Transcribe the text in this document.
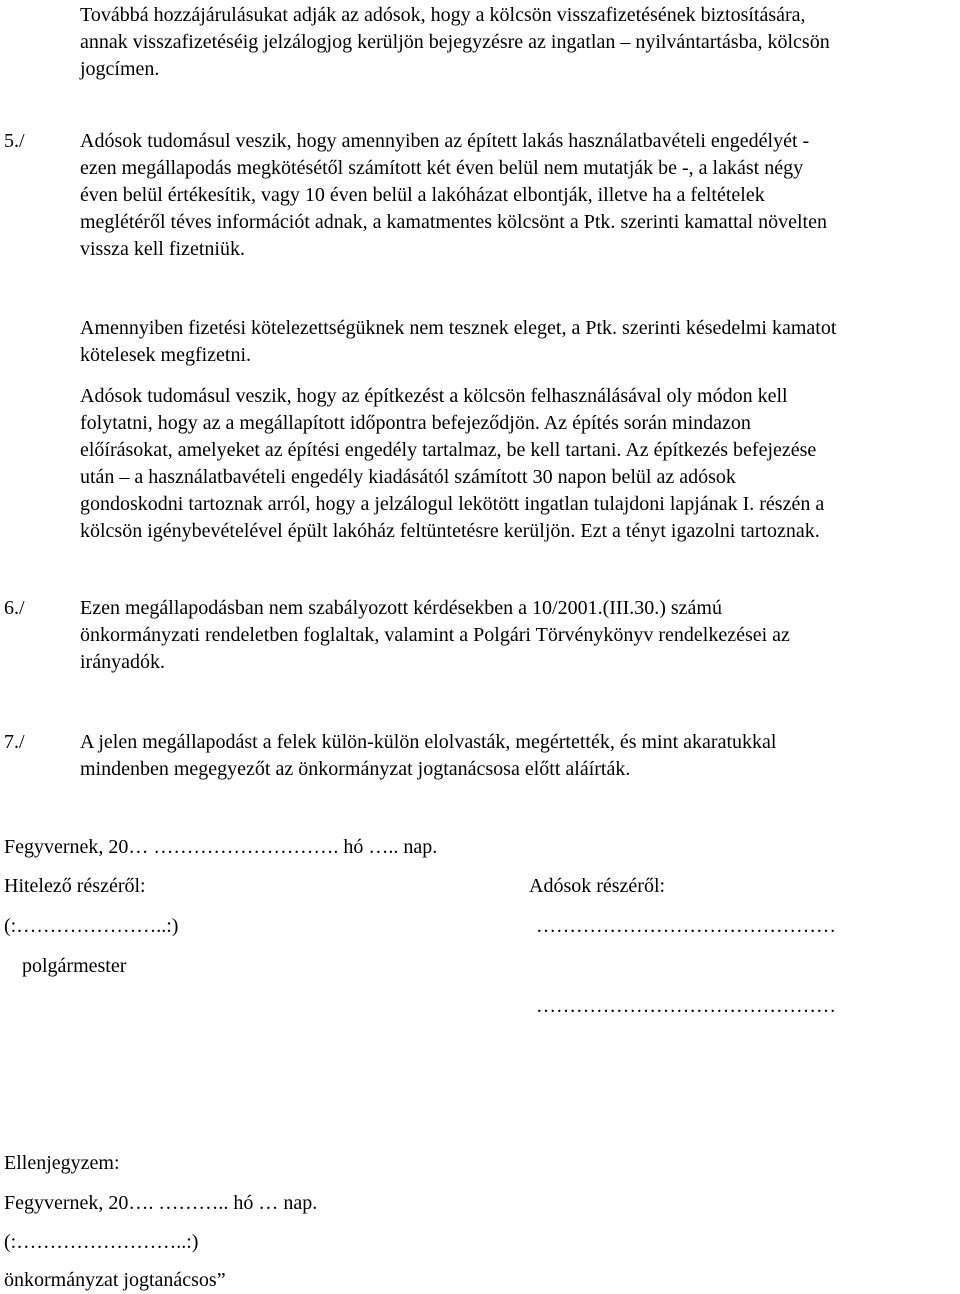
Továbbá hozzájárulásukat adják az adósok, hogy a kölcsön visszafizetésének biztosítására,

annak visszafizetéséig jelzálogjog kerüljön bejegyzésre az ingatlan – nyilvántartásba, kölcsön

jogcímen.

5./	Adósok tudomásul veszik, hogy amennyiben az épített lakás használatbavételi engedélyét -

ezen megállapodás megkötésétől számított két éven belül nem mutatják be -, a lakást négy

éven belül értékesítik, vagy 10 éven belül a lakóházat elbontják, illetve ha a feltételek

meglétéről téves információt adnak, a kamatmentes kölcsönt a Ptk. szerinti kamattal növelten

vissza kell fizetniük.

Amennyiben fizetési kötelezettségüknek nem tesznek eleget, a Ptk. szerinti késedelmi kamatot

kötelesek megfizetni.

Adósok tudomásul veszik, hogy az építkezést a kölcsön felhasználásával oly módon kell

folytatni, hogy az a megállapított időpontra befejeződjön. Az építés során mindazon

előírásokat, amelyeket az építési engedély tartalmaz, be kell tartani. Az építkezés befejezése

után – a használatbavételi engedély kiadásától számított 30 napon belül az adósok

gondoskodni tartoznak arról, hogy a jelzálogul lekötött ingatlan tulajdoni lapjának I. részén a

kölcsön igénybevételével épült lakóház feltüntetésre kerüljön. Ezt a tényt igazolni tartoznak.

6./	Ezen megállapodásban nem szabályozott kérdésekben a 10/2001.(III.30.) számú

önkormányzati rendeletben foglaltak, valamint a Polgári Törvénykönyv rendelkezései az

irányadók.

7./	A jelen megállapodást a felek külön-külön elolvasták, megértették, és mint akaratukkal

mindenben megegyezőt az önkormányzat jogtanácsosa előtt aláírták.

Fegyvernek, 20… ………………………. hó ….. nap.

Hitelező részéről:	Adósok részéről:

(:…………………..:)	………………………………………

polgármester

………………………………………

Ellenjegyzem:

Fegyvernek, 20…. ……….. hó … nap.

(:……………………..:)

önkormányzat jogtanácsos”
